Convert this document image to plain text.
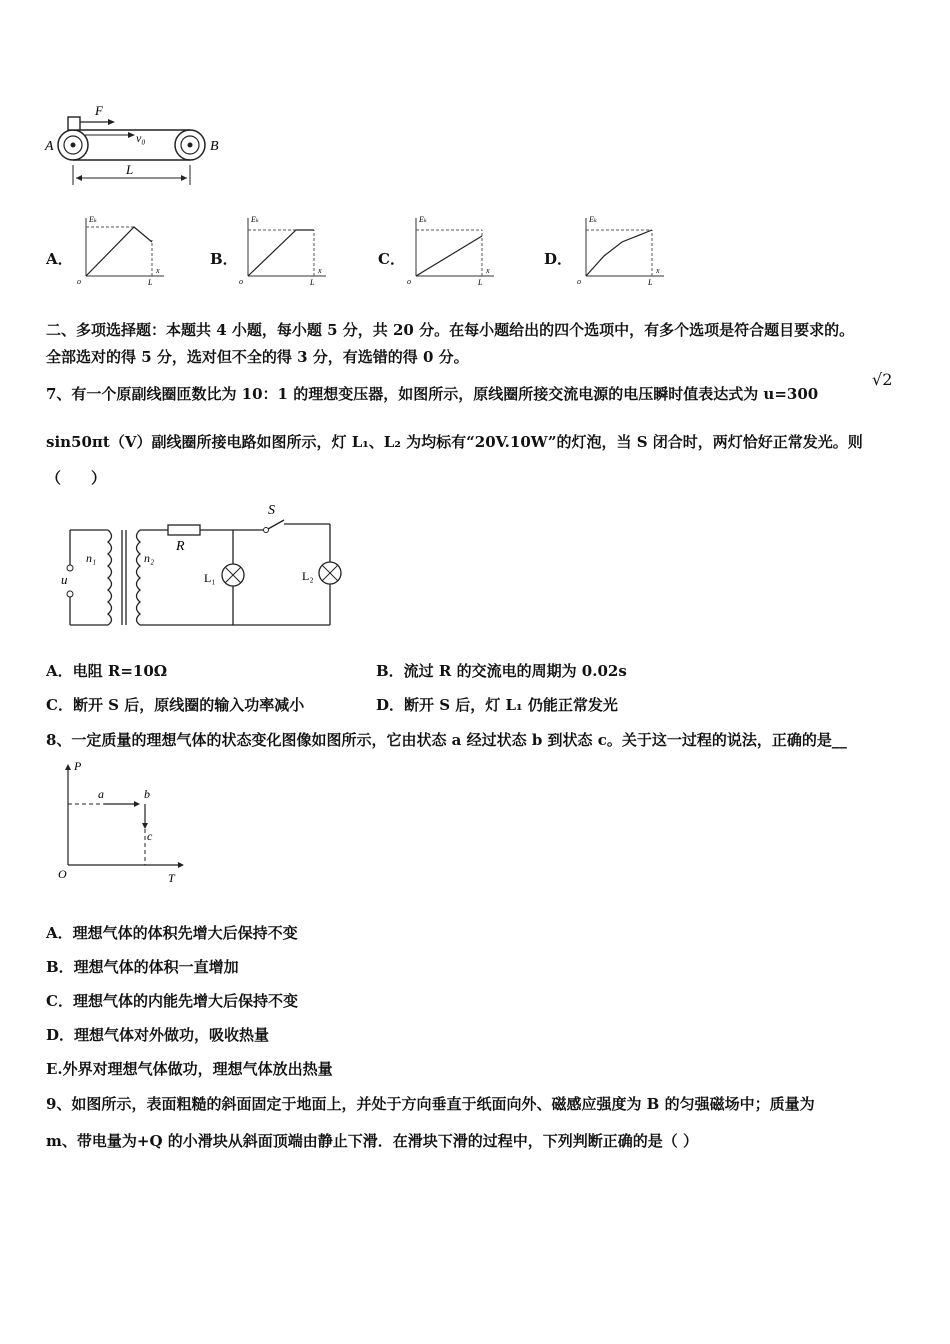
A	B
F
v₀
L
A．
Eₖ
x
o	L
B．
Eₖ
x
o	L
C．
Eₖ
x
o	L
D．
Eₖ
x
o	L
二、多项选择题：本题共 4 小题，每小题 5 分，共 20 分。在每小题给出的四个选项中，有多个选项是符合题目要求的。
全部选对的得 5 分，选对但不全的得 3 分，有选错的得 0 分。
7、有一个原副线圈匝数比为 10：1 的理想变压器，如图所示，原线圈所接交流电源的电压瞬时值表达式为 u=300
√2
sin50πt（V）副线圈所接电路如图所示，灯 L₁、L₂ 为均标有“20V.10W”的灯泡，当 S 闭合时，两灯恰好正常发光。则
（　　）
u
n₁	n₂
R
S
L₁	L₂
A．电阻 R=10Ω	B．流过 R 的交流电的周期为 0.02s
C．断开 S 后，原线圈的输入功率减小	D．断开 S 后，灯 L₁ 仍能正常发光
8、一定质量的理想气体的状态变化图像如图所示，它由状态 a 经过状态 b 到状态 c。关于这一过程的说法，正确的是__
P
T
O
a	b
c
A．理想气体的体积先增大后保持不变
B．理想气体的体积一直增加
C．理想气体的内能先增大后保持不变
D．理想气体对外做功，吸收热量
E.外界对理想气体做功，理想气体放出热量
9、如图所示，表面粗糙的斜面固定于地面上，并处于方向垂直于纸面向外、磁感应强度为 B 的匀强磁场中；质量为
m、带电量为+Q 的小滑块从斜面顶端由静止下滑．在滑块下滑的过程中，下列判断正确的是（ ）
